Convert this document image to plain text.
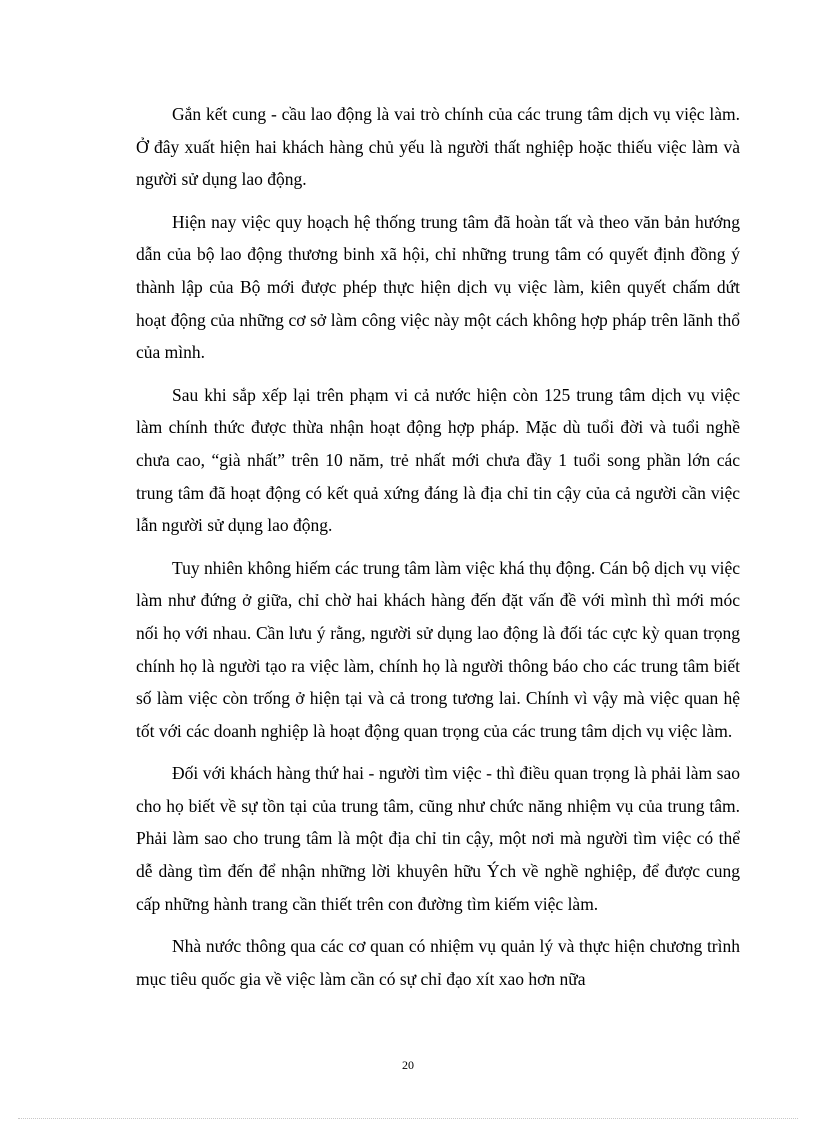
Gắn kết cung - cầu lao động là vai trò chính của các trung tâm dịch vụ việc làm. Ở đây xuất hiện hai khách hàng chủ yếu là người thất nghiệp hoặc thiếu việc làm và người sử dụng lao động.

Hiện nay việc quy hoạch hệ thống trung tâm đã hoàn tất và theo văn bản hướng dẫn của bộ lao động thương binh xã hội, chỉ những trung tâm có quyết định đồng ý thành lập của Bộ mới được phép thực hiện dịch vụ việc làm, kiên quyết chấm dứt hoạt động của những cơ sở làm công việc này một cách không hợp pháp trên lãnh thổ của mình.

Sau khi sắp xếp lại trên phạm vi cả nước hiện còn 125 trung tâm dịch vụ việc làm chính thức được thừa nhận hoạt động hợp pháp. Mặc dù tuổi đời và tuổi nghề chưa cao, “già nhất” trên 10 năm, trẻ nhất mới chưa đầy 1 tuổi song phần lớn các trung tâm đã hoạt động có kết quả xứng đáng là địa chỉ tin cậy của cả người cần việc lẫn người sử dụng lao động.

Tuy nhiên không hiếm các trung tâm làm việc khá thụ động. Cán bộ dịch vụ việc làm như đứng ở giữa, chỉ chờ hai khách hàng đến đặt vấn đề với mình thì mới móc nối họ với nhau. Cần lưu ý rằng, người sử dụng lao động là đối tác cực kỳ quan trọng chính họ là người tạo ra việc làm, chính họ là người thông báo cho các trung tâm biết số làm việc còn trống ở hiện tại và cả trong tương lai. Chính vì vậy mà việc quan hệ tốt với các doanh nghiệp là hoạt động quan trọng của các trung tâm dịch vụ việc làm.

Đối với khách hàng thứ hai - người tìm việc - thì điều quan trọng là phải làm sao cho họ biết về sự tồn tại của trung tâm, cũng như chức năng nhiệm vụ của trung tâm. Phải làm sao cho trung tâm là một địa chỉ tin cậy, một nơi mà người tìm việc có thể dễ dàng tìm đến để nhận những lời khuyên hữu Ých về nghề nghiệp, để được cung cấp những hành trang cần thiết trên con đường tìm kiếm việc làm.

Nhà nước thông qua các cơ quan có nhiệm vụ quản lý và thực hiện chương trình mục tiêu quốc gia về việc làm cần có sự chỉ đạo xít xao hơn nữa

20
